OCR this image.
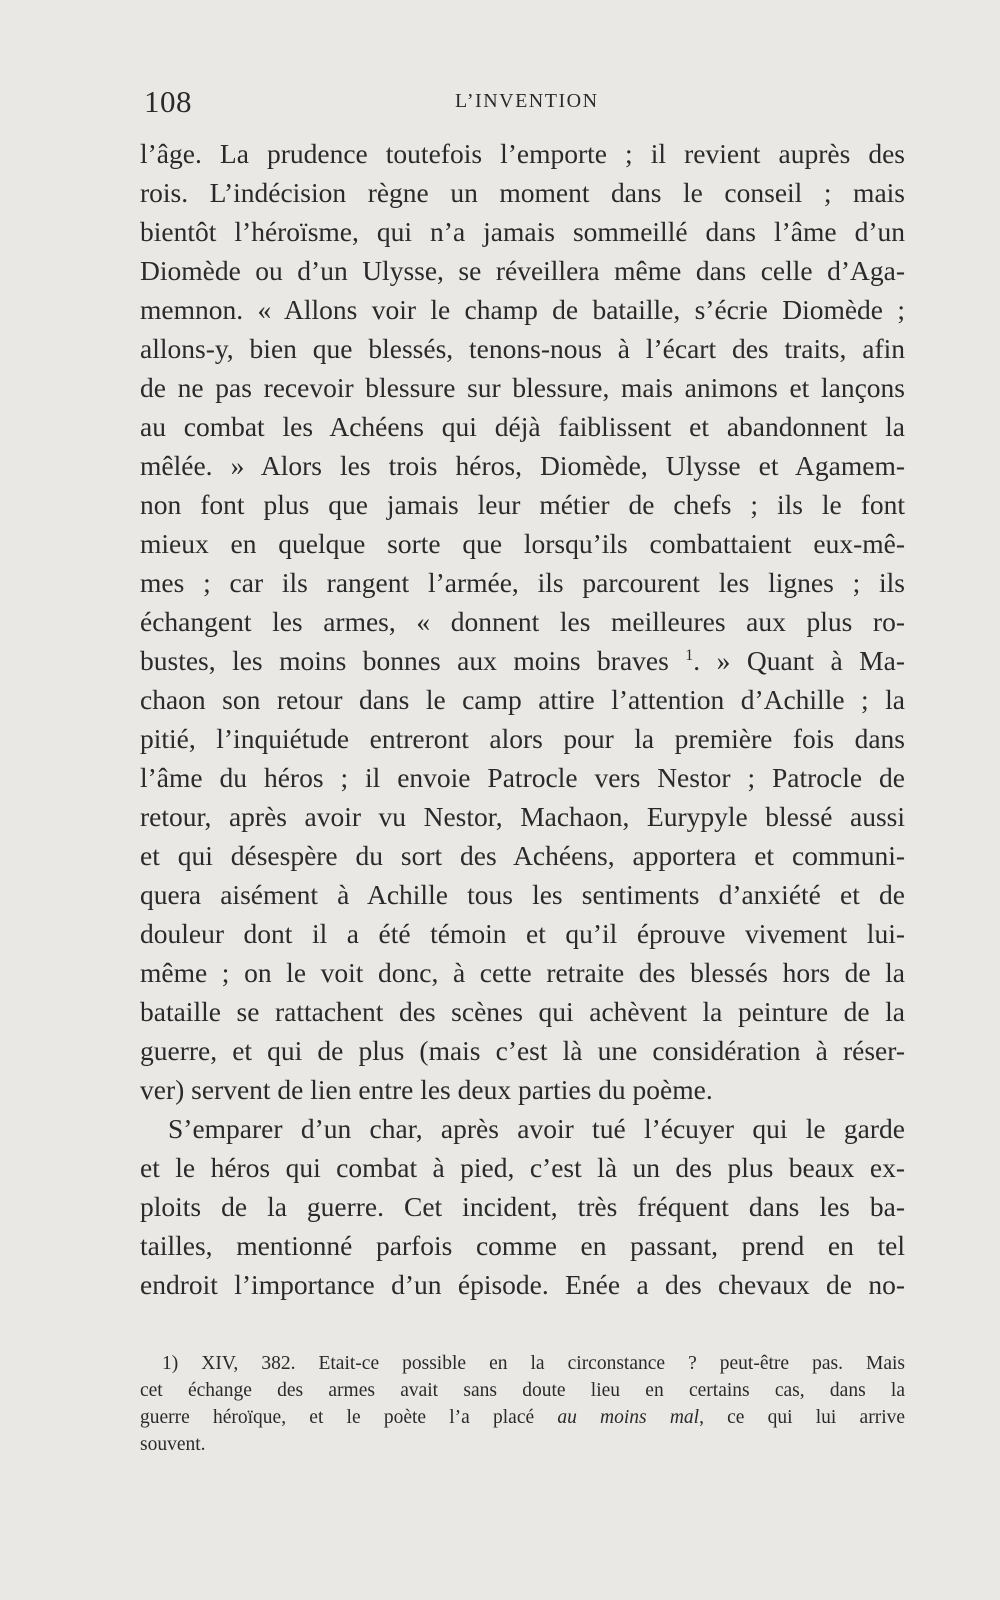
108	L’INVENTION
l’âge. La prudence toutefois l’emporte ; il revient auprès des
rois. L’indécision règne un moment dans le conseil ; mais
bientôt l’héroïsme, qui n’a jamais sommeillé dans l’âme d’un
Diomède ou d’un Ulysse, se réveillera même dans celle d’Aga-
memnon. « Allons voir le champ de bataille, s’écrie Diomède ;
allons-y, bien que blessés, tenons-nous à l’écart des traits, afin
de ne pas recevoir blessure sur blessure, mais animons et lançons
au combat les Achéens qui déjà faiblissent et abandonnent la
mêlée. » Alors les trois héros, Diomède, Ulysse et Agamem-
non font plus que jamais leur métier de chefs ; ils le font
mieux en quelque sorte que lorsqu’ils combattaient eux-mê-
mes ; car ils rangent l’armée, ils parcourent les lignes ; ils
échangent les armes, « donnent les meilleures aux plus ro-
bustes, les moins bonnes aux moins braves $^1$. » Quant à Ma-
chaon son retour dans le camp attire l’attention d’Achille ; la
pitié, l’inquiétude entreront alors pour la première fois dans
l’âme du héros ; il envoie Patrocle vers Nestor ; Patrocle de
retour, après avoir vu Nestor, Machaon, Eurypyle blessé aussi
et qui désespère du sort des Achéens, apportera et communi-
quera aisément à Achille tous les sentiments d’anxiété et de
douleur dont il a été témoin et qu’il éprouve vivement lui-
même ; on le voit donc, à cette retraite des blessés hors de la
bataille se rattachent des scènes qui achèvent la peinture de la
guerre, et qui de plus (mais c’est là une considération à réser-
ver) servent de lien entre les deux parties du poème.
S’emparer d’un char, après avoir tué l’écuyer qui le garde
et le héros qui combat à pied, c’est là un des plus beaux ex-
ploits de la guerre. Cet incident, très fréquent dans les ba-
tailles, mentionné parfois comme en passant, prend en tel
endroit l’importance d’un épisode. Enée a des chevaux de no-
1) XIV, 382. Etait-ce possible en la circonstance ? peut-être pas. Mais
cet échange des armes avait sans doute lieu en certains cas, dans la
guerre héroïque, et le poète l’a placé au moins mal, ce qui lui arrive
souvent.
